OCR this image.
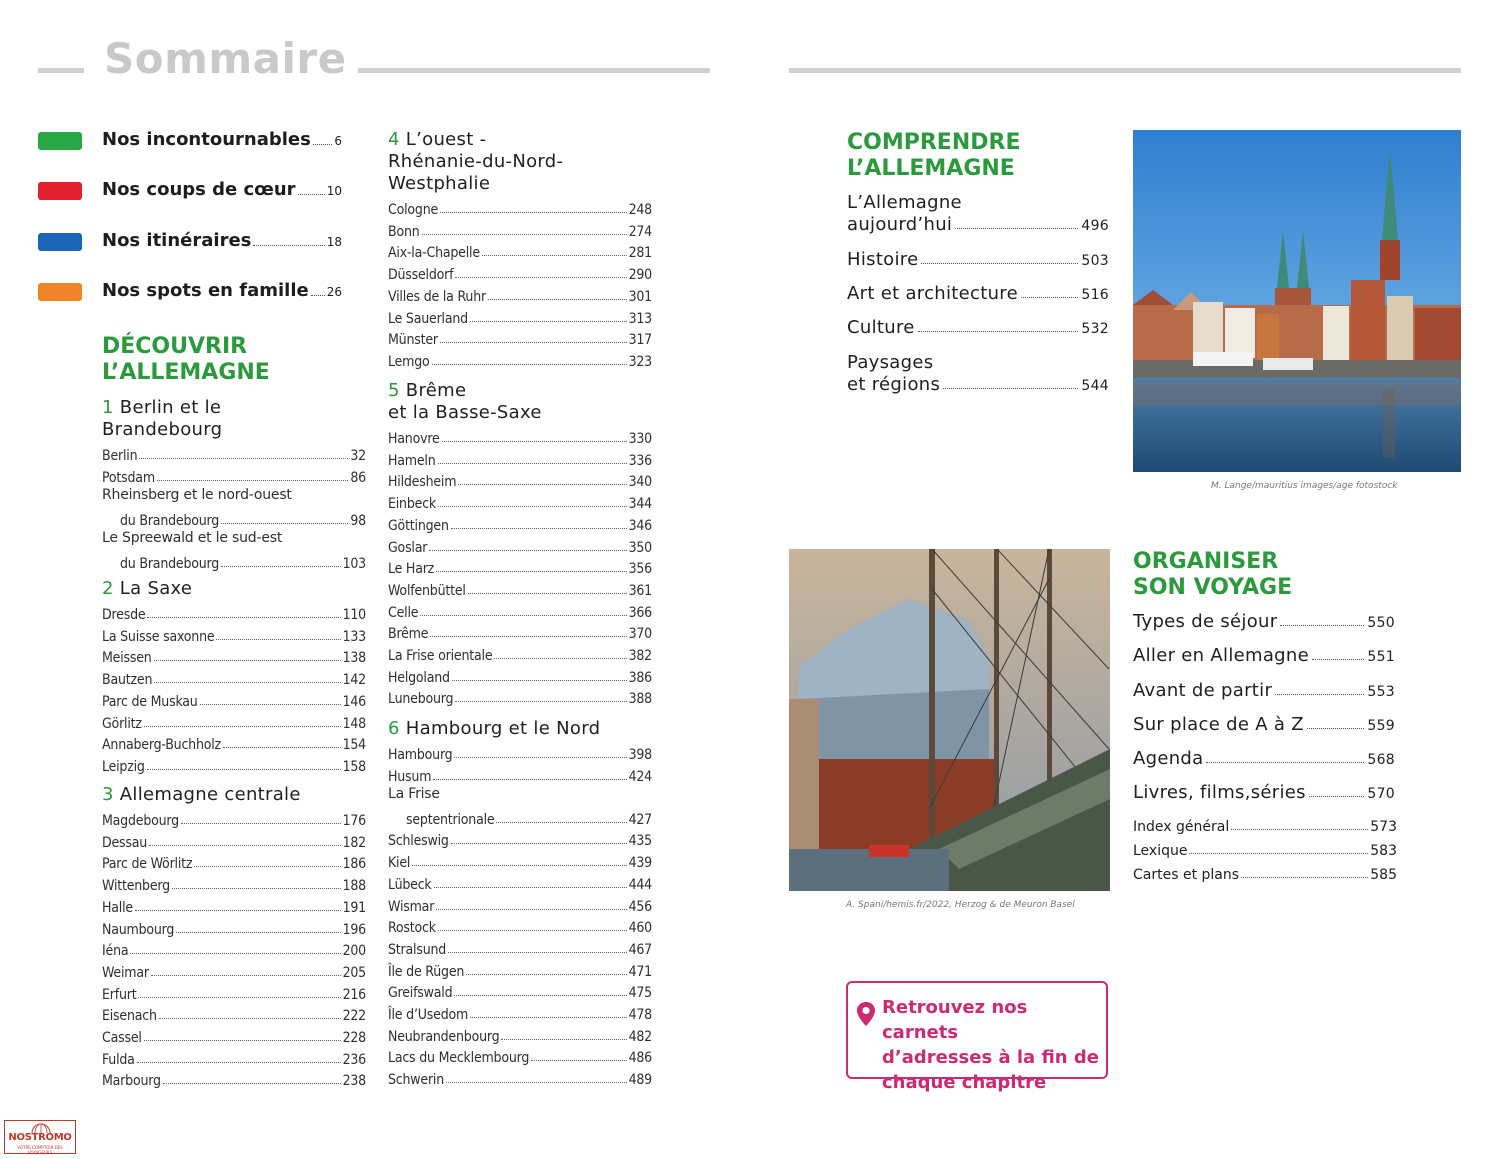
Sommaire
Nos incontournables 6
Nos coups de cœur	10
Nos itinéraires	18
Nos spots en famille 26
DÉCOUVRIR
L’ALLEMAGNE
1 Berlin et le
Brandebourg
Berlin	32
Potsdam	86
Rheinsberg et le nord-ouest
du Brandebourg	98
Le Spreewald et le sud-est
du Brandebourg	103
2 La Saxe
Dresde	110
La Suisse saxonne	133
Meissen	138
Bautzen	142
Parc de Muskau	146
Görlitz	148
Annaberg-Buchholz	154
Leipzig	158
3 Allemagne centrale
Magdebourg	176
Dessau	182
Parc de Wörlitz	186
Wittenberg	188
Halle	191
Naumbourg	196
Iéna	200
Weimar	205
Erfurt	216
Eisenach	222
Cassel	228
Fulda	236
Marbourg	238
4 L’ouest -
Rhénanie-du-Nord-
Westphalie
Cologne	248
Bonn	274
Aix-la-Chapelle	281
Düsseldorf	290
Villes de la Ruhr	301
Le Sauerland	313
Münster	317
Lemgo	323
5 Brême
et la Basse-Saxe
Hanovre	330
Hameln	336
Hildesheim	340
Einbeck	344
Göttingen	346
Goslar	350
Le Harz	356
Wolfenbüttel	361
Celle	366
Brême	370
La Frise orientale	382
Helgoland	386
Lunebourg	388
6 Hambourg et le Nord
Hambourg	398
Husum	424
La Frise
septentrionale	427
Schleswig	435
Kiel	439
Lübeck	444
Wismar	456
Rostock	460
Stralsund	467
Île de Rügen	471
Greifswald	475
Île d’Usedom	478
Neubrandenbourg	482
Lacs du Mecklembourg	486
Schwerin	489
COMPRENDRE
L’ALLEMAGNE
L’Allemagne
aujourd’hui	496
Histoire	503
Art et architecture	516
Culture	532
Paysages
et régions	544
ORGANISER
SON VOYAGE
Types de séjour	550
Aller en Allemagne	551
Avant de partir	553
Sur place de A à Z	559
Agenda	568
Livres, films,séries	570
Index général	573
Lexique	583
Cartes et plans	585
M. Lange/mauritius images/age fotostock
A. Spani/hemis.fr/2022, Herzog & de Meuron Basel
Retrouvez nos carnets
d’adresses à la fin de
chaque chapitre
NOSTROMO
VOTRE COMPTOIR DES VOYAGEURS
